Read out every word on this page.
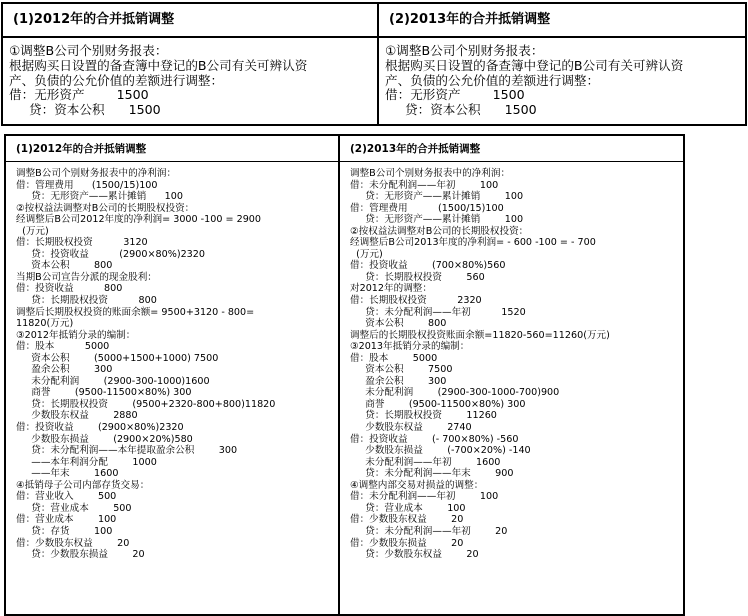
(1)2012年的合并抵销调整
①调整B公司个别财务报表：
根据购买日设置的备查簿中登记的B公司有关可辨认资
产、负债的公允价值的差额进行调整：
借：无形资产        1500
贷：资本公积      1500
(2)2013年的合并抵销调整
①调整B公司个别财务报表：
根据购买日设置的备查簿中登记的B公司有关可辨认资
产、负债的公允价值的差额进行调整：
借：无形资产        1500
贷：资本公积      1500
(1)2012年的合并抵销调整
调整B公司个别财务报表中的净利润：
借：管理费用      (1500/15)100
贷：无形资产——累计摊销      100
②按权益法调整对B公司的长期股权投资：
经调整后B公司2012年度的净利润= 3000 -100 = 2900
(万元)
借：长期股权投资          3120
贷：投资收益          (2900×80%)2320
资本公积        800
当期B公司宣告分派的现金股利：
借：投资收益          800
贷：长期股权投资          800
调整后长期股权投资的账面余额= 9500+3120 - 800=
11820(万元)
③2012年抵销分录的编制：
借：股本          5000
资本公积        (5000+1500+1000) 7500
盈余公积        300
未分配利润        (2900-300-1000)1600
商誉        (9500-11500×80%) 300
贷：长期股权投资        (9500+2320-800+800)11820
少数股东权益        2880
借：投资收益        (2900×80%)2320
少数股东损益        (2900×20%)580
贷：未分配利润——本年提取盈余公积        300
——本年利润分配        1000
——年末        1600
④抵销母子公司内部存货交易：
借：营业收入        500
贷：营业成本        500
借：营业成本        100
贷：存货        100
借：少数股东权益        20
贷：少数股东损益        20
(2)2013年的合并抵销调整
调整B公司个别财务报表中的净利润：
借：未分配利润——年初        100
贷：无形资产——累计摊销        100
借：管理费用          (1500/15)100
贷：无形资产——累计摊销        100
②按权益法调整对B公司的长期股权投资：
经调整后B公司2013年度的净利润= - 600 -100 = - 700
(万元)
借：投资收益        (700×80%)560
贷：长期股权投资        560
对2012年的调整：
借：长期股权投资          2320
贷：未分配利润——年初          1520
资本公积        800
调整后的长期股权投资账面余额=11820-560=11260(万元)
③2013年抵销分录的编制：
借：股本        5000
资本公积        7500
盈余公积        300
未分配利润        (2900-300-1000-700)900
商誉        (9500-11500×80%) 300
贷：长期股权投资        11260
少数股东权益        2740
借：投资收益        (- 700×80%) -560
少数股东损益        (-700×20%) -140
未分配利润——年初        1600
贷：未分配利润——年末        900
④调整内部交易对损益的调整：
借：未分配利润——年初        100
贷：营业成本        100
借：少数股东权益        20
贷：未分配利润——年初        20
借：少数股东损益        20
贷：少数股东权益        20
